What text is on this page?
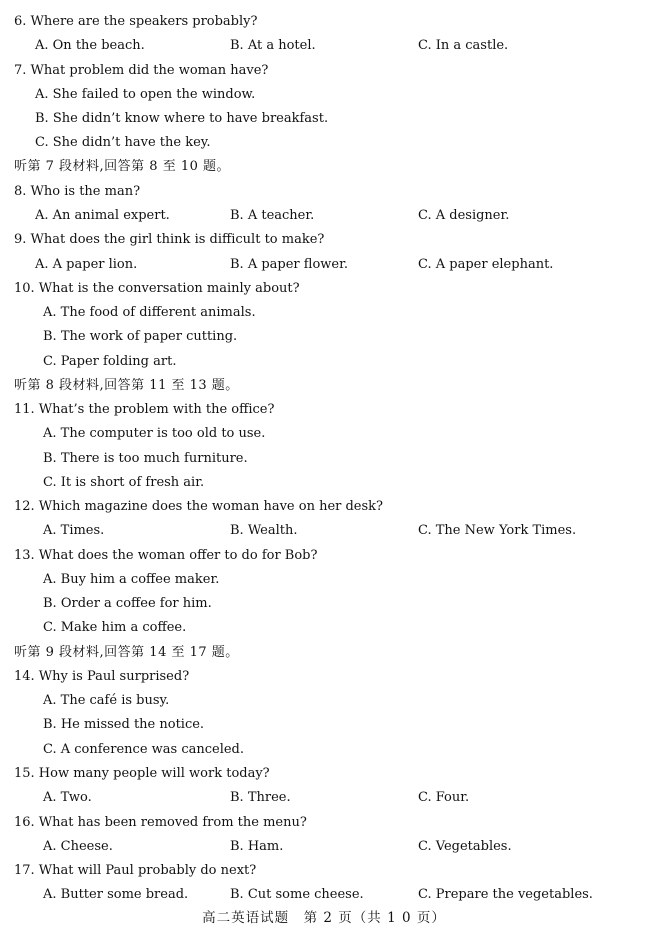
6. Where are the speakers probably?
A. On the beach.	B. At a hotel.	C. In a castle.
7. What problem did the woman have?
A. She failed to open the window.
B. She didn’t know where to have breakfast.
C. She didn’t have the key.
听第 7 段材料,回答第 8 至 10 题。
8. Who is the man?
A. An animal expert.	B. A teacher.	C. A designer.
9. What does the girl think is difficult to make?
A. A paper lion.	B. A paper flower.	C. A paper elephant.
10. What is the conversation mainly about?
A. The food of different animals.
B. The work of paper cutting.
C. Paper folding art.
听第 8 段材料,回答第 11 至 13 题。
11. What’s the problem with the office?
A. The computer is too old to use.
B. There is too much furniture.
C. It is short of fresh air.
12. Which magazine does the woman have on her desk?
A. Times.	B. Wealth.	C. The New York Times.
13. What does the woman offer to do for Bob?
A. Buy him a coffee maker.
B. Order a coffee for him.
C. Make him a coffee.
听第 9 段材料,回答第 14 至 17 题。
14. Why is Paul surprised?
A. The café is busy.
B. He missed the notice.
C. A conference was canceled.
15. How many people will work today?
A. Two.	B. Three.	C. Four.
16. What has been removed from the menu?
A. Cheese.	B. Ham.	C. Vegetables.
17. What will Paul probably do next?
A. Butter some bread.	B. Cut some cheese.	C. Prepare the vegetables.
高二英语试题　第 2 页（共 1 0 页）
